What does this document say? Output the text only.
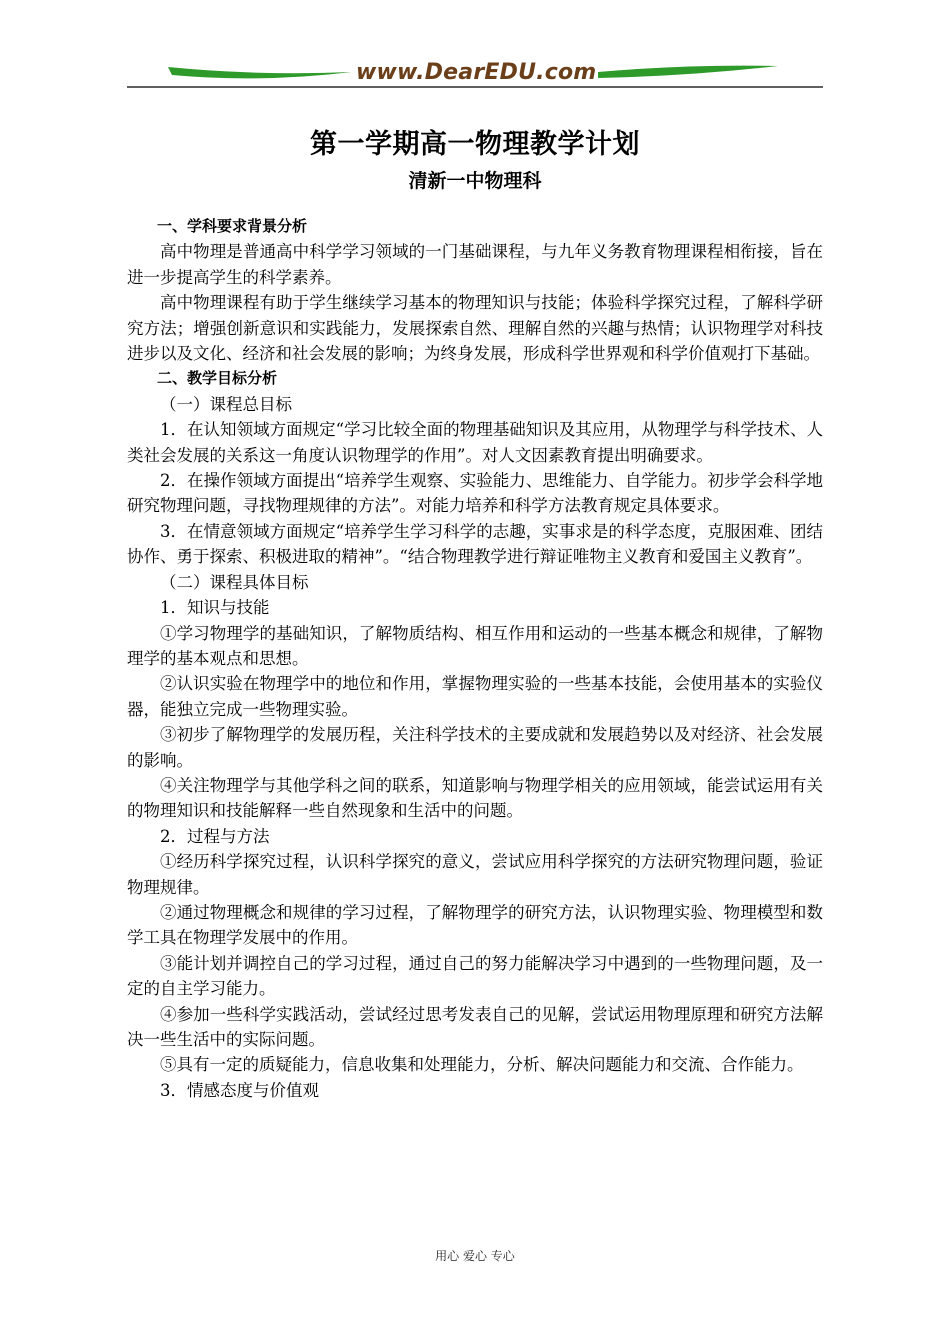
www.DearEDU.com
第一学期高一物理教学计划
清新一中物理科

一、学科要求背景分析

高中物理是普通高中科学学习领域的一门基础课程，与九年义务教育物理课程相衔接，旨在进一步提高学生的科学素养。

高中物理课程有助于学生继续学习基本的物理知识与技能；体验科学探究过程，了解科学研究方法；增强创新意识和实践能力，发展探索自然、理解自然的兴趣与热情；认识物理学对科技进步以及文化、经济和社会发展的影响；为终身发展，形成科学世界观和科学价值观打下基础。

二、教学目标分析

（一）课程总目标

1．在认知领域方面规定“学习比较全面的物理基础知识及其应用，从物理学与科学技术、人类社会发展的关系这一角度认识物理学的作用”。对人文因素教育提出明确要求。

2．在操作领域方面提出“培养学生观察、实验能力、思维能力、自学能力。初步学会科学地研究物理问题，寻找物理规律的方法”。对能力培养和科学方法教育规定具体要求。

3．在情意领域方面规定“培养学生学习科学的志趣，实事求是的科学态度，克服困难、团结协作、勇于探索、积极进取的精神”。“结合物理教学进行辩证唯物主义教育和爱国主义教育”。

（二）课程具体目标

1．知识与技能

①学习物理学的基础知识，了解物质结构、相互作用和运动的一些基本概念和规律，了解物理学的基本观点和思想。

②认识实验在物理学中的地位和作用，掌握物理实验的一些基本技能，会使用基本的实验仪器，能独立完成一些物理实验。

③初步了解物理学的发展历程，关注科学技术的主要成就和发展趋势以及对经济、社会发展的影响。

④关注物理学与其他学科之间的联系，知道影响与物理学相关的应用领域，能尝试运用有关的物理知识和技能解释一些自然现象和生活中的问题。

2．过程与方法

①经历科学探究过程，认识科学探究的意义，尝试应用科学探究的方法研究物理问题，验证物理规律。

②通过物理概念和规律的学习过程，了解物理学的研究方法，认识物理实验、物理模型和数学工具在物理学发展中的作用。

③能计划并调控自己的学习过程，通过自己的努力能解决学习中遇到的一些物理问题，及一定的自主学习能力。

④参加一些科学实践活动，尝试经过思考发表自己的见解，尝试运用物理原理和研究方法解决一些生活中的实际问题。

⑤具有一定的质疑能力，信息收集和处理能力，分析、解决问题能力和交流、合作能力。

3．情感态度与价值观

用心 爱心 专心
